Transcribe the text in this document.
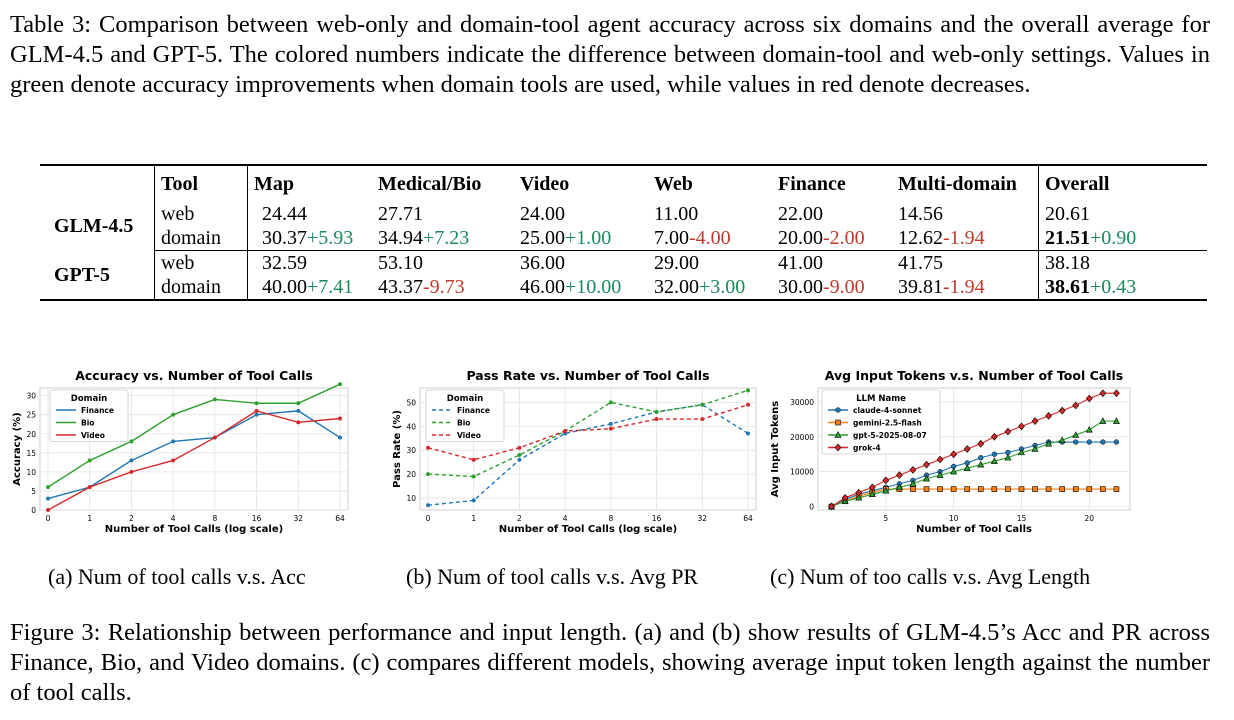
Table 3: Comparison between web-only and domain-tool agent accuracy across six domains and the overall average for GLM-4.5 and GPT-5. The colored numbers indicate the difference between domain-tool and web-only settings. Values in green denote accuracy improvements when domain tools are used, while values in red denote decreases.
	Tool	Map	Medical/Bio	Video	Web	Finance	Multi-domain	Overall
GLM-4.5	web	24.44	27.71	24.00	11.00	22.00	14.56	20.61
	domain	30.37+5.93	34.94+7.23	25.00+1.00	7.00-4.00	20.00-2.00	12.62-1.94	21.51+0.90
GPT-5	web	32.59	53.10	36.00	29.00	41.00	41.75	38.18
	domain	40.00+7.41	43.37-9.73	46.00+10.00	32.00+3.00	30.00-9.00	39.81-1.94	38.61+0.43
Accuracy vs. Number of Tool Calls
0
5
10
15
20
25
30
0	1	2	4	8	16	32	64
Number of Tool Calls (log scale)
Accuracy (%)
Domain
Finance
Bio
Video
Pass Rate vs. Number of Tool Calls
10
20
30
40
50
0	1	2	4	8	16	32	64
Number of Tool Calls (log scale)
Pass Rate (%)
Domain
Finance
Bio
Video
Avg Input Tokens v.s. Number of Tool Calls
0
10000
20000
30000
5	10	15	20
Number of Tool Calls
Avg Input Tokens
LLM Name
claude-4-sonnet
gemini-2.5-flash
gpt-5-2025-08-07
grok-4
(a) Num of tool calls v.s. Acc	(b) Num of tool calls v.s. Avg PR	(c) Num of too calls v.s. Avg Length
Figure 3: Relationship between performance and input length. (a) and (b) show results of GLM-4.5’s Acc and PR across Finance, Bio, and Video domains. (c) compares different models, showing average input token length against the number of tool calls.
